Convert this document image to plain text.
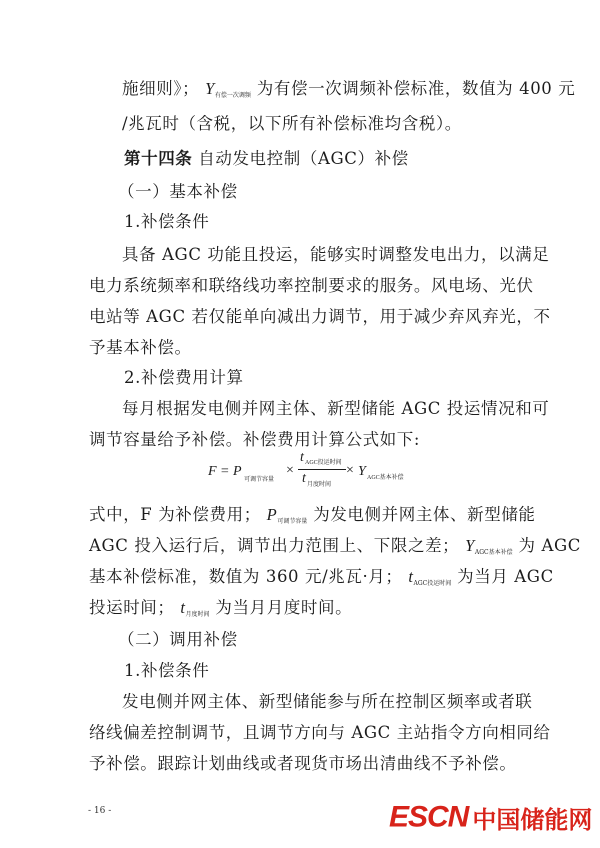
施细则》； Y有偿一次调频 为有偿一次调频补偿标准，数值为 400 元
/兆瓦时（含税，以下所有补偿标准均含税）。
第十四条 自动发电控制（AGC）补偿
（一）基本补偿
1.补偿条件
具备 AGC 功能且投运，能够实时调整发电出力，以满足
电力系统频率和联络线功率控制要求的服务。风电场、光伏
电站等 AGC 若仅能单向减出力调节，用于减少弃风弃光，不
予基本补偿。
2.补偿费用计算
每月根据发电侧并网主体、新型储能 AGC 投运情况和可
调节容量给予补偿。补偿费用计算公式如下:
F = P
可调节容量
×
t AGC投运时间
t 月度时间
× Y AGC基本补偿
式中，F 为补偿费用； P可调节容量 为发电侧并网主体、新型储能
AGC 投入运行后，调节出力范围上、下限之差； YAGC基本补偿 为 AGC
基本补偿标准，数值为 360 元/兆瓦·月； tAGC投运时间 为当月 AGC
投运时间； t月度时间 为当月月度时间。
（二）调用补偿
1.补偿条件
发电侧并网主体、新型储能参与所在控制区频率或者联
络线偏差控制调节，且调节方向与 AGC 主站指令方向相同给
予补偿。跟踪计划曲线或者现货市场出清曲线不予补偿。
- 16 -	ESCN 中国储能网
